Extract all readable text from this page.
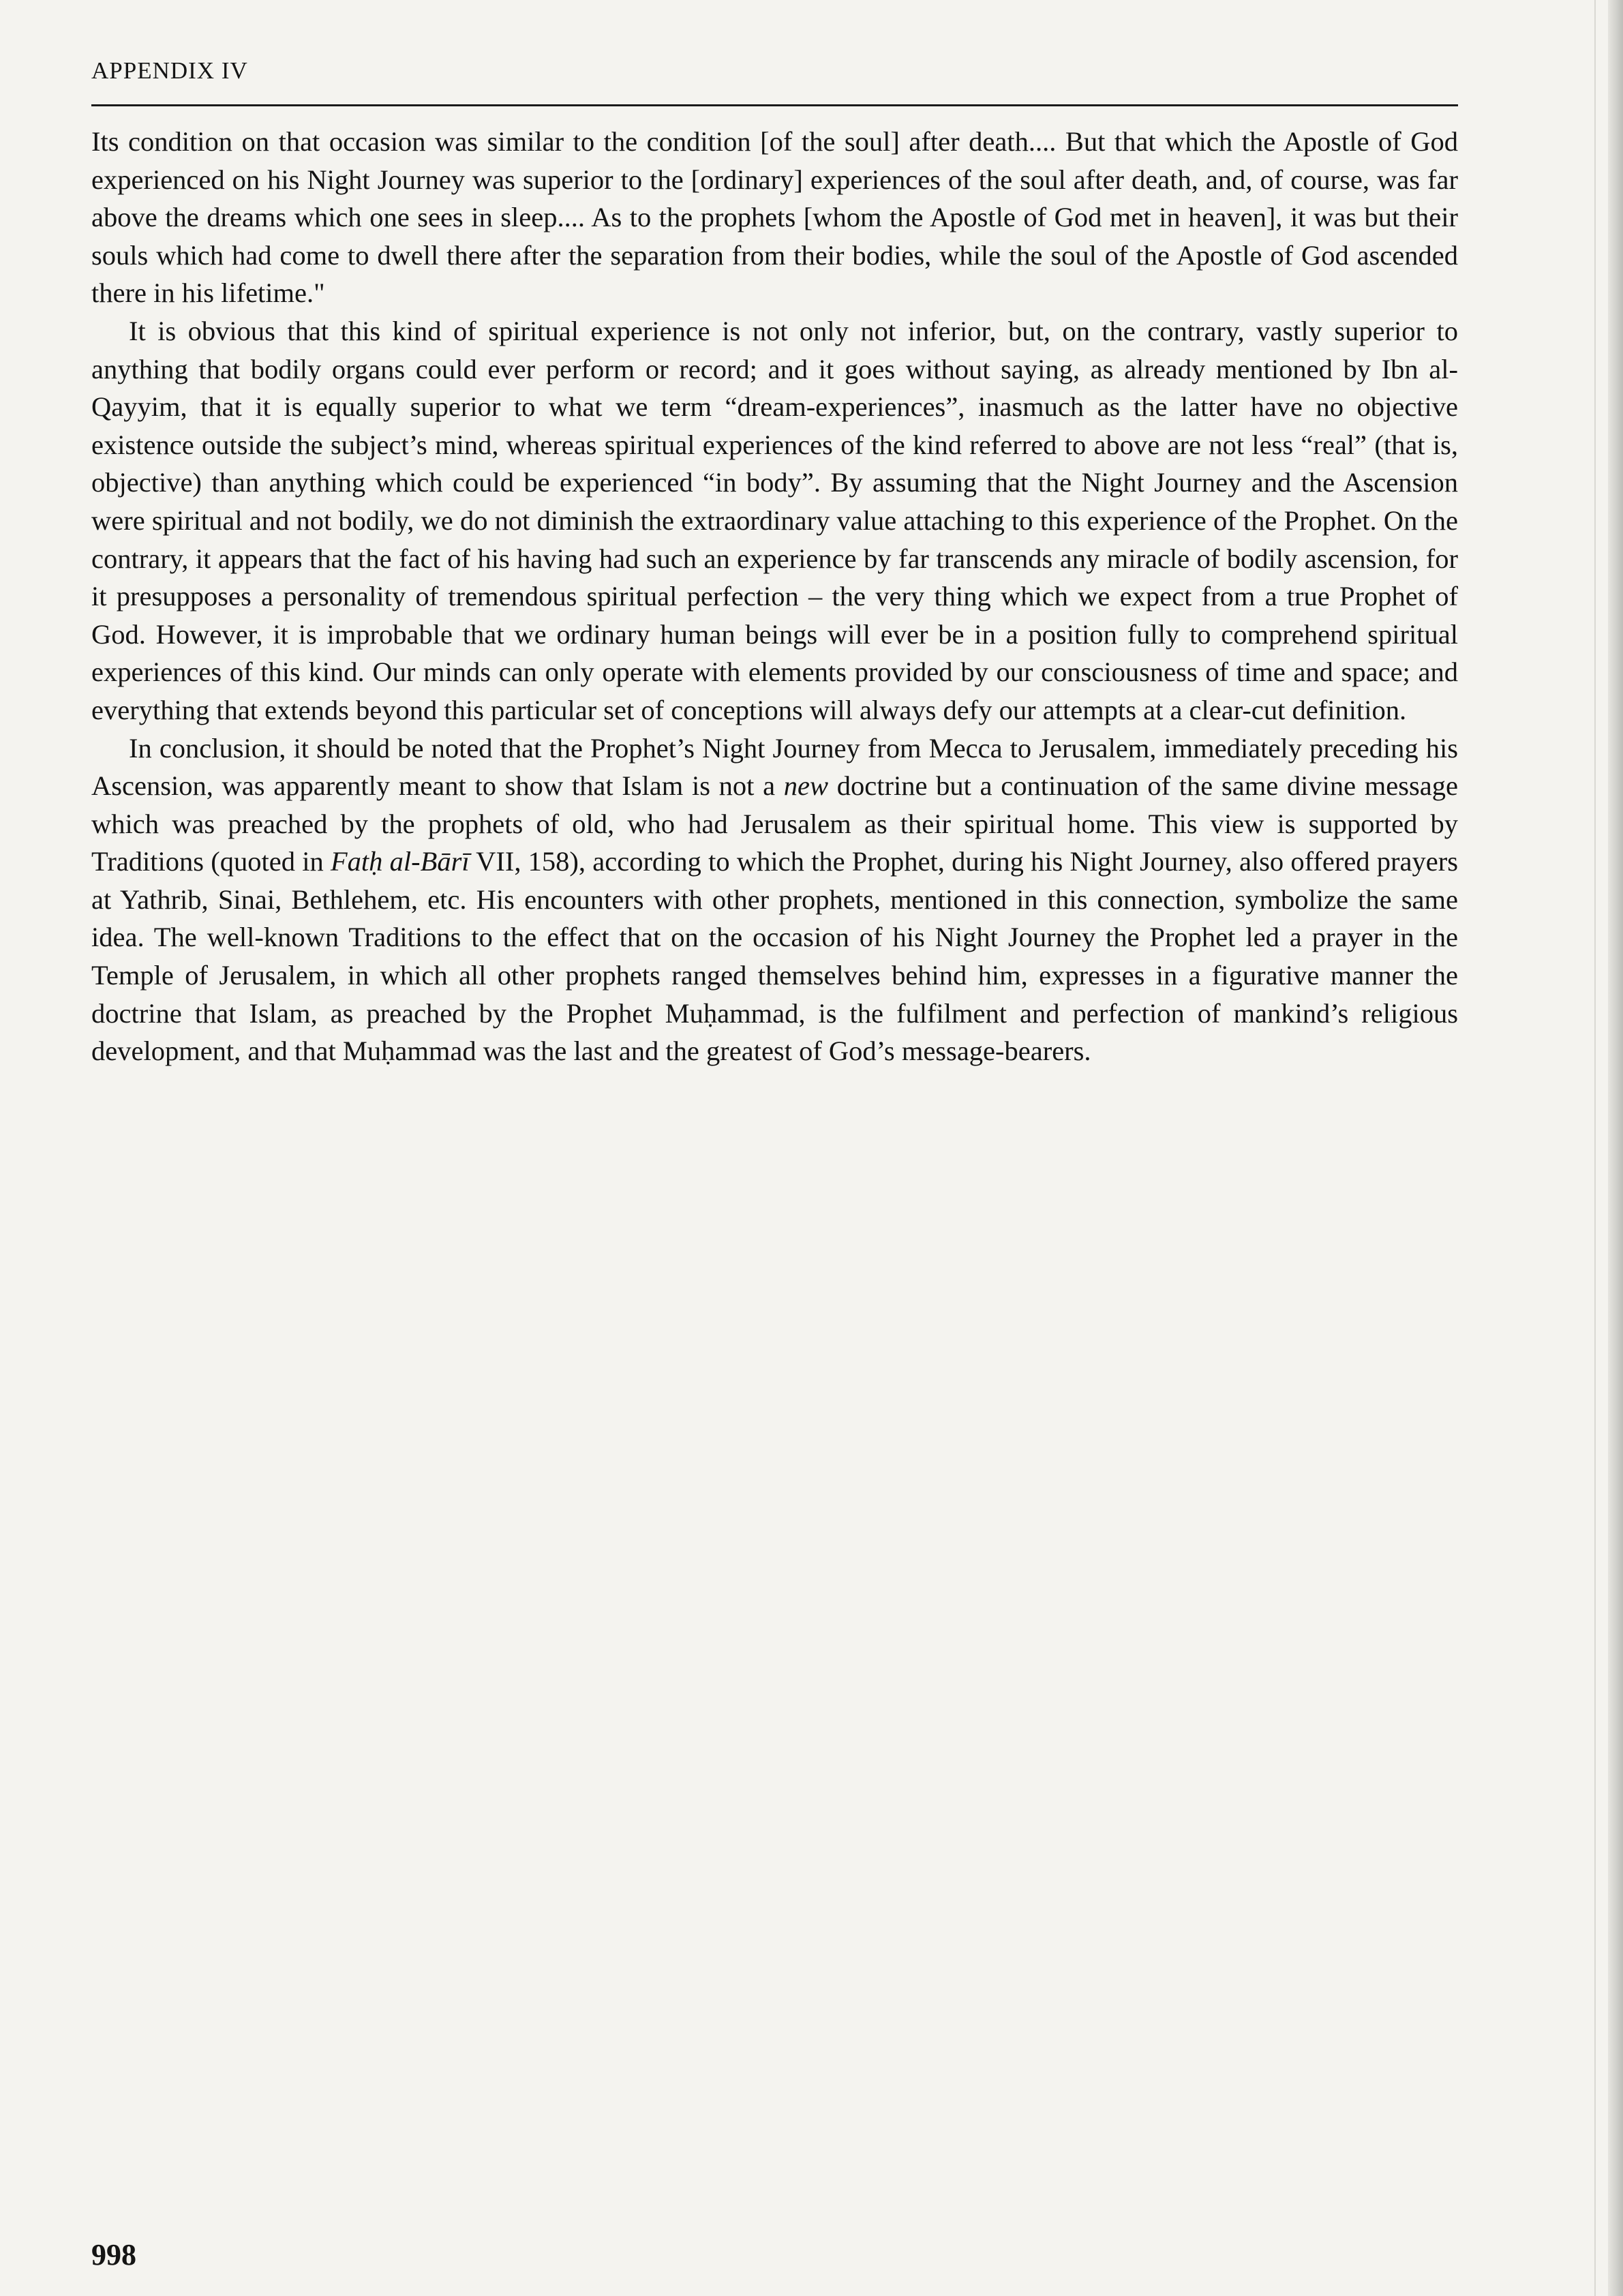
APPENDIX IV

Its condition on that occasion was similar to the condition [of the soul] after death.... But that which the Apostle of God experienced on his Night Journey was superior to the [ordinary] experiences of the soul after death, and, of course, was far above the dreams which one sees in sleep.... As to the prophets [whom the Apostle of God met in heaven], it was but their souls which had come to dwell there after the separation from their bodies, while the soul of the Apostle of God ascended there in his lifetime."

It is obvious that this kind of spiritual experience is not only not inferior, but, on the contrary, vastly superior to anything that bodily organs could ever perform or record; and it goes without saying, as already mentioned by Ibn al-Qayyim, that it is equally superior to what we term “dream-experiences”, inasmuch as the latter have no objective existence outside the subject’s mind, whereas spiritual experiences of the kind referred to above are not less “real” (that is, objective) than anything which could be experienced “in body”. By assuming that the Night Journey and the Ascension were spiritual and not bodily, we do not diminish the extraordinary value attaching to this experience of the Prophet. On the contrary, it appears that the fact of his having had such an experience by far transcends any miracle of bodily ascension, for it presupposes a personality of tremendous spiritual perfection – the very thing which we expect from a true Prophet of God. However, it is improbable that we ordinary human beings will ever be in a position fully to comprehend spiritual experiences of this kind. Our minds can only operate with elements provided by our consciousness of time and space; and everything that extends beyond this particular set of conceptions will always defy our attempts at a clear-cut definition.

In conclusion, it should be noted that the Prophet’s Night Journey from Mecca to Jerusalem, immediately preceding his Ascension, was apparently meant to show that Islam is not a new doctrine but a continuation of the same divine message which was preached by the prophets of old, who had Jerusalem as their spiritual home. This view is supported by Traditions (quoted in Fatḥ al-Bārī VII, 158), according to which the Prophet, during his Night Journey, also offered prayers at Yathrib, Sinai, Bethlehem, etc. His encounters with other prophets, mentioned in this connection, symbolize the same idea. The well-known Traditions to the effect that on the occasion of his Night Journey the Prophet led a prayer in the Temple of Jerusalem, in which all other prophets ranged themselves behind him, expresses in a figurative manner the doctrine that Islam, as preached by the Prophet Muḥammad, is the fulfilment and perfection of mankind’s religious development, and that Muḥammad was the last and the greatest of God’s message-bearers.

998
